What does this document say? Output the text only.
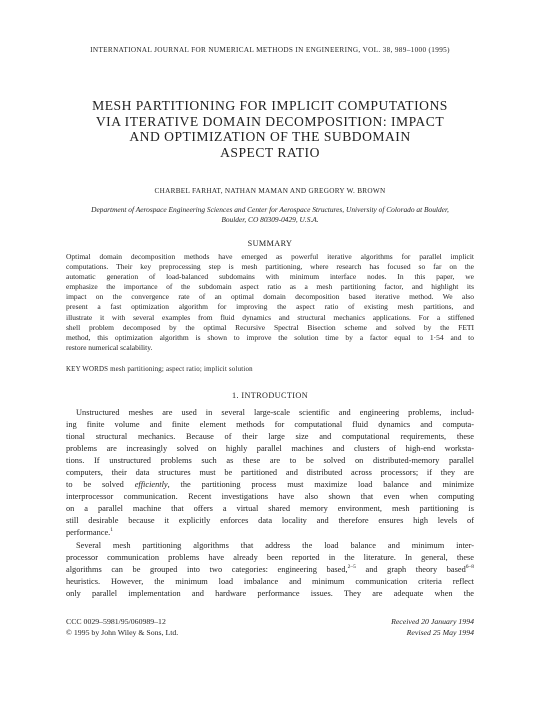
INTERNATIONAL JOURNAL FOR NUMERICAL METHODS IN ENGINEERING, VOL. 38, 989–1000 (1995)
MESH PARTITIONING FOR IMPLICIT COMPUTATIONS
VIA ITERATIVE DOMAIN DECOMPOSITION: IMPACT
AND OPTIMIZATION OF THE SUBDOMAIN
ASPECT RATIO
CHARBEL FARHAT, NATHAN MAMAN AND GREGORY W. BROWN
Department of Aerospace Engineering Sciences and Center for Aerospace Structures, University of Colorado at Boulder,
Boulder, CO 80309-0429, U.S.A.
SUMMARY
Optimal domain decomposition methods have emerged as powerful iterative algorithms for parallel implicit
computations. Their key preprocessing step is mesh partitioning, where research has focused so far on the
automatic generation of load-balanced subdomains with minimum interface nodes. In this paper, we
emphasize the importance of the subdomain aspect ratio as a mesh partitioning factor, and highlight its
impact on the convergence rate of an optimal domain decomposition based iterative method. We also
present a fast optimization algorithm for improving the aspect ratio of existing mesh partitions, and
illustrate it with several examples from fluid dynamics and structural mechanics applications. For a stiffened
shell problem decomposed by the optimal Recursive Spectral Bisection scheme and solved by the FETI
method, this optimization algorithm is shown to improve the solution time by a factor equal to 1·54 and to
restore numerical scalability.
KEY WORDS mesh partitioning; aspect ratio; implicit solution
1. INTRODUCTION
Unstructured meshes are used in several large-scale scientific and engineering problems, includ-
ing finite volume and finite element methods for computational fluid dynamics and computa-
tional structural mechanics. Because of their large size and computational requirements, these
problems are increasingly solved on highly parallel machines and clusters of high-end worksta-
tions. If unstructured problems such as these are to be solved on distributed-memory parallel
computers, their data structures must be partitioned and distributed across processors; if they are
to be solved efficiently, the partitioning process must maximize load balance and minimize
interprocessor communication. Recent investigations have also shown that even when computing
on a parallel machine that offers a virtual shared memory environment, mesh partitioning is
still desirable because it explicitly enforces data locality and therefore ensures high levels of
performance.$^1$
Several mesh partitioning algorithms that address the load balance and minimum inter-
processor communication problems have already been reported in the literature. In general, these
algorithms can be grouped into two categories: engineering based,$^{2-5}$ and graph theory based$^{6-8}$
heuristics. However, the minimum load imbalance and minimum communication criteria reflect
only parallel implementation and hardware performance issues. They are adequate when the
CCC 0029–5981/95/060989–12
© 1995 by John Wiley & Sons, Ltd.
Received 20 January 1994
Revised 25 May 1994
